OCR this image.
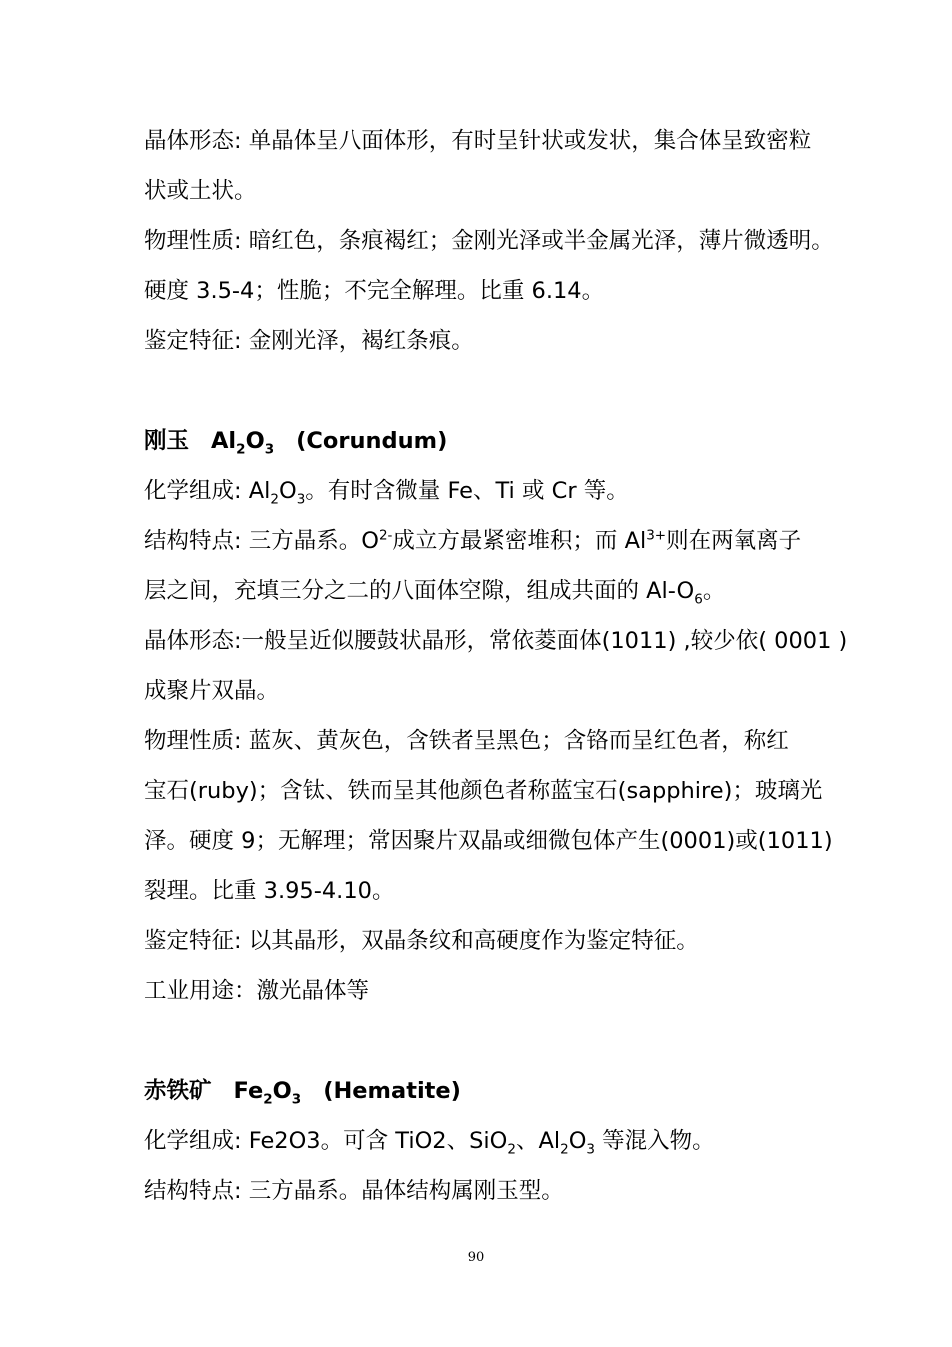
晶体形态: 单晶体呈八面体形，有时呈针状或发状，集合体呈致密粒
状或土状。
物理性质: 暗红色，条痕褐红；金刚光泽或半金属光泽，薄片微透明。
硬度 3.5-4；性脆；不完全解理。比重 6.14。
鉴定特征: 金刚光泽，褐红条痕。
刚玉 $Al_2O_3$ (Corundum)
化学组成: $Al_2O_3$。有时含微量 Fe、Ti 或 Cr 等。
结构特点: 三方晶系。$O^{2-}$成立方最紧密堆积；而 $Al^{3+}$则在两氧离子
层之间，充填三分之二的八面体空隙，组成共面的 $Al-O_6$。
晶体形态:一般呈近似腰鼓状晶形，常依菱面体(1011) ,较少依( 0001 )
成聚片双晶。
物理性质: 蓝灰、黄灰色，含铁者呈黑色；含铬而呈红色者，称红
宝石(ruby)；含钛、铁而呈其他颜色者称蓝宝石(sapphire)；玻璃光
泽。硬度 9；无解理；常因聚片双晶或细微包体产生(0001)或(1011)
裂理。比重 3.95-4.10。
鉴定特征: 以其晶形，双晶条纹和高硬度作为鉴定特征。
工业用途：激光晶体等
赤铁矿 $Fe_2O_3$ (Hematite)
化学组成: Fe2O3。可含 TiO2、SiO$_2$、$Al_2O_3$ 等混入物。
结构特点: 三方晶系。晶体结构属刚玉型。
90
